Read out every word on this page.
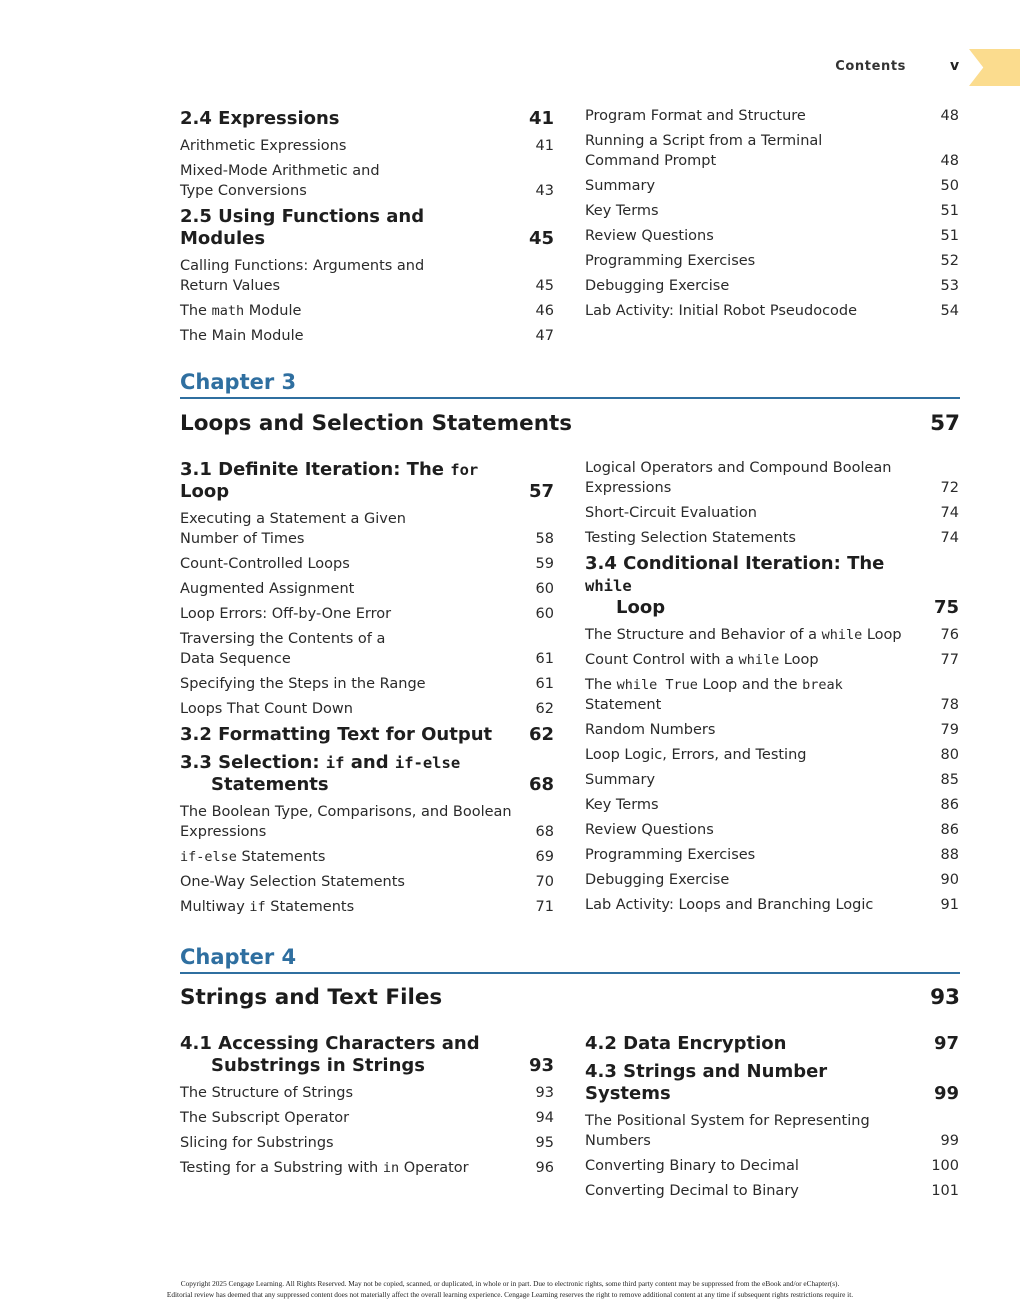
Contents	v
2.4 Expressions	41
Arithmetic Expressions	41
Mixed-Mode Arithmetic and
Type Conversions	43
2.5 Using Functions and Modules	45
Calling Functions: Arguments and
Return Values	45
The math Module	46
The Main Module	47
Program Format and Structure	48
Running a Script from a Terminal
Command Prompt	48
Summary	50
Key Terms	51
Review Questions	51
Programming Exercises	52
Debugging Exercise	53
Lab Activity: Initial Robot Pseudocode	54
Chapter 3
Loops and Selection Statements	57
3.1 Definite Iteration: The for Loop	57
Executing a Statement a Given
Number of Times	58
Count-Controlled Loops	59
Augmented Assignment	60
Loop Errors: Off-by-One Error	60
Traversing the Contents of a
Data Sequence	61
Specifying the Steps in the Range	61
Loops That Count Down	62
3.2 Formatting Text for Output	62
3.3 Selection: if and if-else
Statements	68
The Boolean Type, Comparisons, and Boolean
Expressions	68
if-else Statements	69
One-Way Selection Statements	70
Multiway if Statements	71
Logical Operators and Compound Boolean
Expressions	72
Short-Circuit Evaluation	74
Testing Selection Statements	74
3.4 Conditional Iteration: The while
Loop	75
The Structure and Behavior of a while Loop	76
Count Control with a while Loop	77
The while True Loop and the break
Statement	78
Random Numbers	79
Loop Logic, Errors, and Testing	80
Summary	85
Key Terms	86
Review Questions	86
Programming Exercises	88
Debugging Exercise	90
Lab Activity: Loops and Branching Logic	91
Chapter 4
Strings and Text Files	93
4.1 Accessing Characters and
Substrings in Strings	93
The Structure of Strings	93
The Subscript Operator	94
Slicing for Substrings	95
Testing for a Substring with in Operator	96
4.2 Data Encryption	97
4.3 Strings and Number Systems	99
The Positional System for Representing
Numbers	99
Converting Binary to Decimal	100
Converting Decimal to Binary	101
Copyright 2025 Cengage Learning. All Rights Reserved. May not be copied, scanned, or duplicated, in whole or in part. Due to electronic rights, some third party content may be suppressed from the eBook and/or eChapter(s).
Editorial review has deemed that any suppressed content does not materially affect the overall learning experience. Cengage Learning reserves the right to remove additional content at any time if subsequent rights restrictions require it.
